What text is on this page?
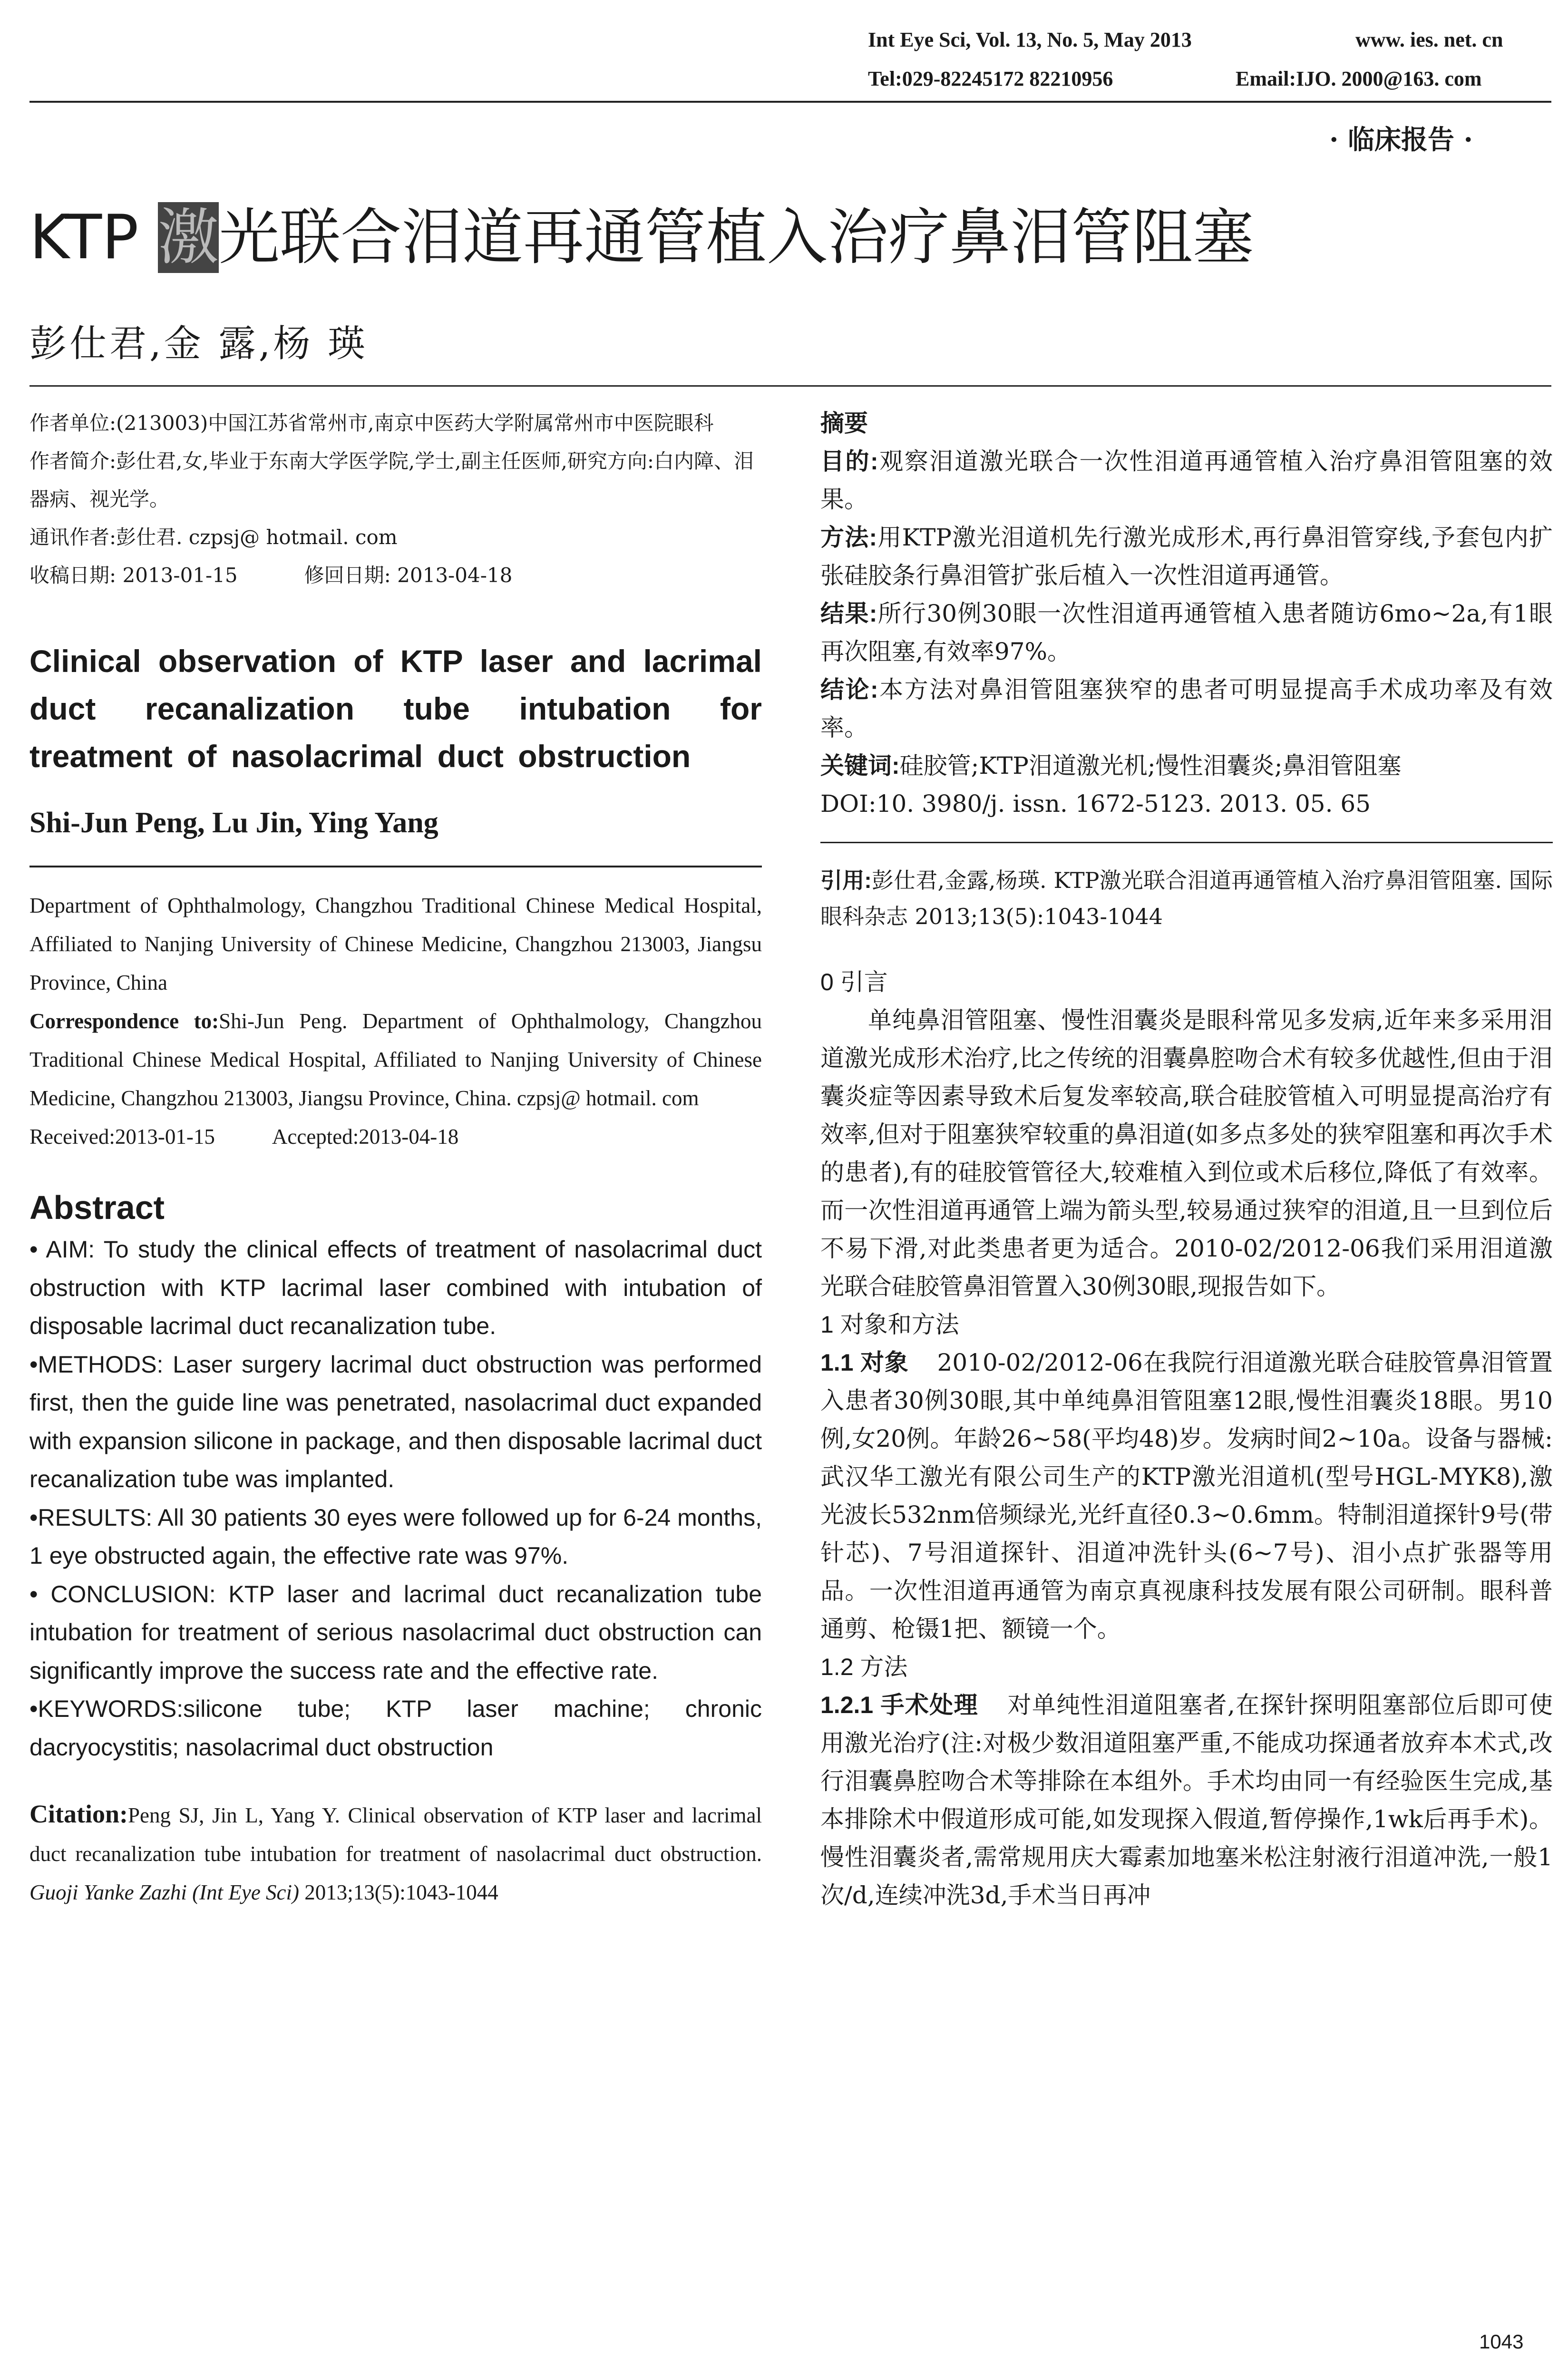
Int Eye Sci, Vol. 13, No. 5, May 2013	www. ies. net. cn
Tel:029-82245172 82210956	Email:IJO. 2000@163. com
· 临床报告 ·
KTP 激光联合泪道再通管植入治疗鼻泪管阻塞
彭仕君,金 露,杨 瑛
作者单位:(213003)中国江苏省常州市,南京中医药大学附属常州市中医院眼科
作者简介:彭仕君,女,毕业于东南大学医学院,学士,副主任医师,研究方向:白内障、泪器病、视光学。
通讯作者:彭仕君. czpsj@ hotmail. com
收稿日期: 2013-01-15	修回日期: 2013-04-18
Clinical observation of KTP laser and lacrimal duct recanalization tube intubation for treatment of nasolacrimal duct obstruction
Shi-Jun Peng, Lu Jin, Ying Yang
Department of Ophthalmology, Changzhou Traditional Chinese Medical Hospital, Affiliated to Nanjing University of Chinese Medicine, Changzhou 213003, Jiangsu Province, China
Correspondence to:Shi-Jun Peng. Department of Ophthalmology, Changzhou Traditional Chinese Medical Hospital, Affiliated to Nanjing University of Chinese Medicine, Changzhou 213003, Jiangsu Province, China. czpsj@ hotmail. com
Received:2013-01-15	Accepted:2013-04-18
Abstract

• AIM: To study the clinical effects of treatment of nasolacrimal duct obstruction with KTP lacrimal laser combined with intubation of disposable lacrimal duct recanalization tube.

•METHODS: Laser surgery lacrimal duct obstruction was performed first, then the guide line was penetrated, nasolacrimal duct expanded with expansion silicone in package, and then disposable lacrimal duct recanalization tube was implanted.

•RESULTS: All 30 patients 30 eyes were followed up for 6-24 months, 1 eye obstructed again, the effective rate was 97%.

• CONCLUSION: KTP laser and lacrimal duct recanalization tube intubation for treatment of serious nasolacrimal duct obstruction can significantly improve the success rate and the effective rate.

•KEYWORDS:silicone tube; KTP laser machine; chronic dacryocystitis; nasolacrimal duct obstruction

Citation:Peng SJ, Jin L, Yang Y. Clinical observation of KTP laser and lacrimal duct recanalization tube intubation for treatment of nasolacrimal duct obstruction. Guoji Yanke Zazhi (Int Eye Sci) 2013;13(5):1043-1044
摘要

目的:观察泪道激光联合一次性泪道再通管植入治疗鼻泪管阻塞的效果。

方法:用KTP激光泪道机先行激光成形术,再行鼻泪管穿线,予套包内扩张硅胶条行鼻泪管扩张后植入一次性泪道再通管。

结果:所行30例30眼一次性泪道再通管植入患者随访6mo~2a,有1眼再次阻塞,有效率97%。

结论:本方法对鼻泪管阻塞狭窄的患者可明显提高手术成功率及有效率。

关键词:硅胶管;KTP泪道激光机;慢性泪囊炎;鼻泪管阻塞

DOI:10. 3980/j. issn. 1672-5123. 2013. 05. 65

引用:彭仕君,金露,杨瑛. KTP激光联合泪道再通管植入治疗鼻泪管阻塞. 国际眼科杂志 2013;13(5):1043-1044

0 引言

单纯鼻泪管阻塞、慢性泪囊炎是眼科常见多发病,近年来多采用泪道激光成形术治疗,比之传统的泪囊鼻腔吻合术有较多优越性,但由于泪囊炎症等因素导致术后复发率较高,联合硅胶管植入可明显提高治疗有效率,但对于阻塞狭窄较重的鼻泪道(如多点多处的狭窄阻塞和再次手术的患者),有的硅胶管管径大,较难植入到位或术后移位,降低了有效率。而一次性泪道再通管上端为箭头型,较易通过狭窄的泪道,且一旦到位后不易下滑,对此类患者更为适合。2010-02/2012-06我们采用泪道激光联合硅胶管鼻泪管置入30例30眼,现报告如下。

1 对象和方法

1.1 对象 2010-02/2012-06在我院行泪道激光联合硅胶管鼻泪管置入患者30例30眼,其中单纯鼻泪管阻塞12眼,慢性泪囊炎18眼。男10例,女20例。年龄26~58(平均48)岁。发病时间2~10a。设备与器械:武汉华工激光有限公司生产的KTP激光泪道机(型号HGL-MYK8),激光波长532nm倍频绿光,光纤直径0.3~0.6mm。特制泪道探针9号(带针芯)、7号泪道探针、泪道冲洗针头(6~7号)、泪小点扩张器等用品。一次性泪道再通管为南京真视康科技发展有限公司研制。眼科普通剪、枪镊1把、额镜一个。

1.2 方法

1.2.1 手术处理 对单纯性泪道阻塞者,在探针探明阻塞部位后即可使用激光治疗(注:对极少数泪道阻塞严重,不能成功探通者放弃本术式,改行泪囊鼻腔吻合术等排除在本组外。手术均由同一有经验医生完成,基本排除术中假道形成可能,如发现探入假道,暂停操作,1wk后再手术)。慢性泪囊炎者,需常规用庆大霉素加地塞米松注射液行泪道冲洗,一般1次/d,连续冲洗3d,手术当日再冲

1043
